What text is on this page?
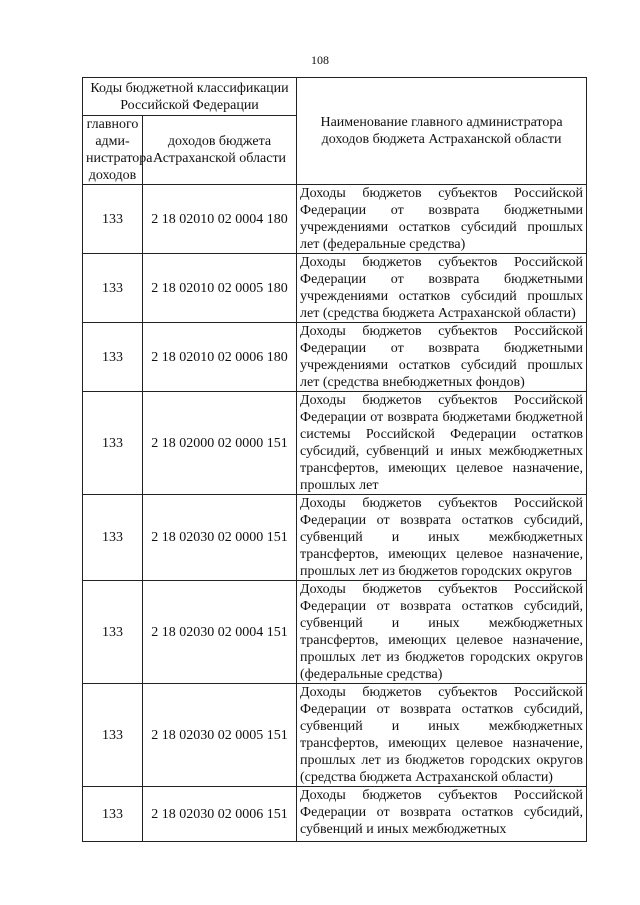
108
Коды бюджетной классификации Российской Федерации		Наименование главного администратора доходов бюджета Астраханской области
главного адми-нистратора доходов	доходов бюджета Астраханской области	
133	2 18 02010 02 0004 180	Доходы бюджетов субъектов Российской Федерации от возврата бюджетными учреждениями остатков субсидий прошлых лет (федеральные средства)
133	2 18 02010 02 0005 180	Доходы бюджетов субъектов Российской Федерации от возврата бюджетными учреждениями остатков субсидий прошлых лет (средства бюджета Астраханской области)
133	2 18 02010 02 0006 180	Доходы бюджетов субъектов Российской Федерации от возврата бюджетными учреждениями остатков субсидий прошлых лет (средства внебюджетных фондов)
133	2 18 02000 02 0000 151	Доходы бюджетов субъектов Российской Федерации от возврата бюджетами бюджетной системы Российской Федерации остатков субсидий, субвенций и иных межбюджетных трансфертов, имеющих целевое назначение, прошлых лет
133	2 18 02030 02 0000 151	Доходы бюджетов субъектов Российской Федерации от возврата остатков субсидий, субвенций и иных межбюджетных трансфертов, имеющих целевое назначение, прошлых лет из бюджетов городских округов
133	2 18 02030 02 0004 151	Доходы бюджетов субъектов Российской Федерации от возврата остатков субсидий, субвенций и иных межбюджетных трансфертов, имеющих целевое назначение, прошлых лет из бюджетов городских округов (федеральные средства)
133	2 18 02030 02 0005 151	Доходы бюджетов субъектов Российской Федерации от возврата остатков субсидий, субвенций и иных межбюджетных трансфертов, имеющих целевое назначение, прошлых лет из бюджетов городских округов (средства бюджета Астраханской области)
133	2 18 02030 02 0006 151	Доходы бюджетов субъектов Российской Федерации от возврата остатков субсидий, субвенций и иных межбюджетных
